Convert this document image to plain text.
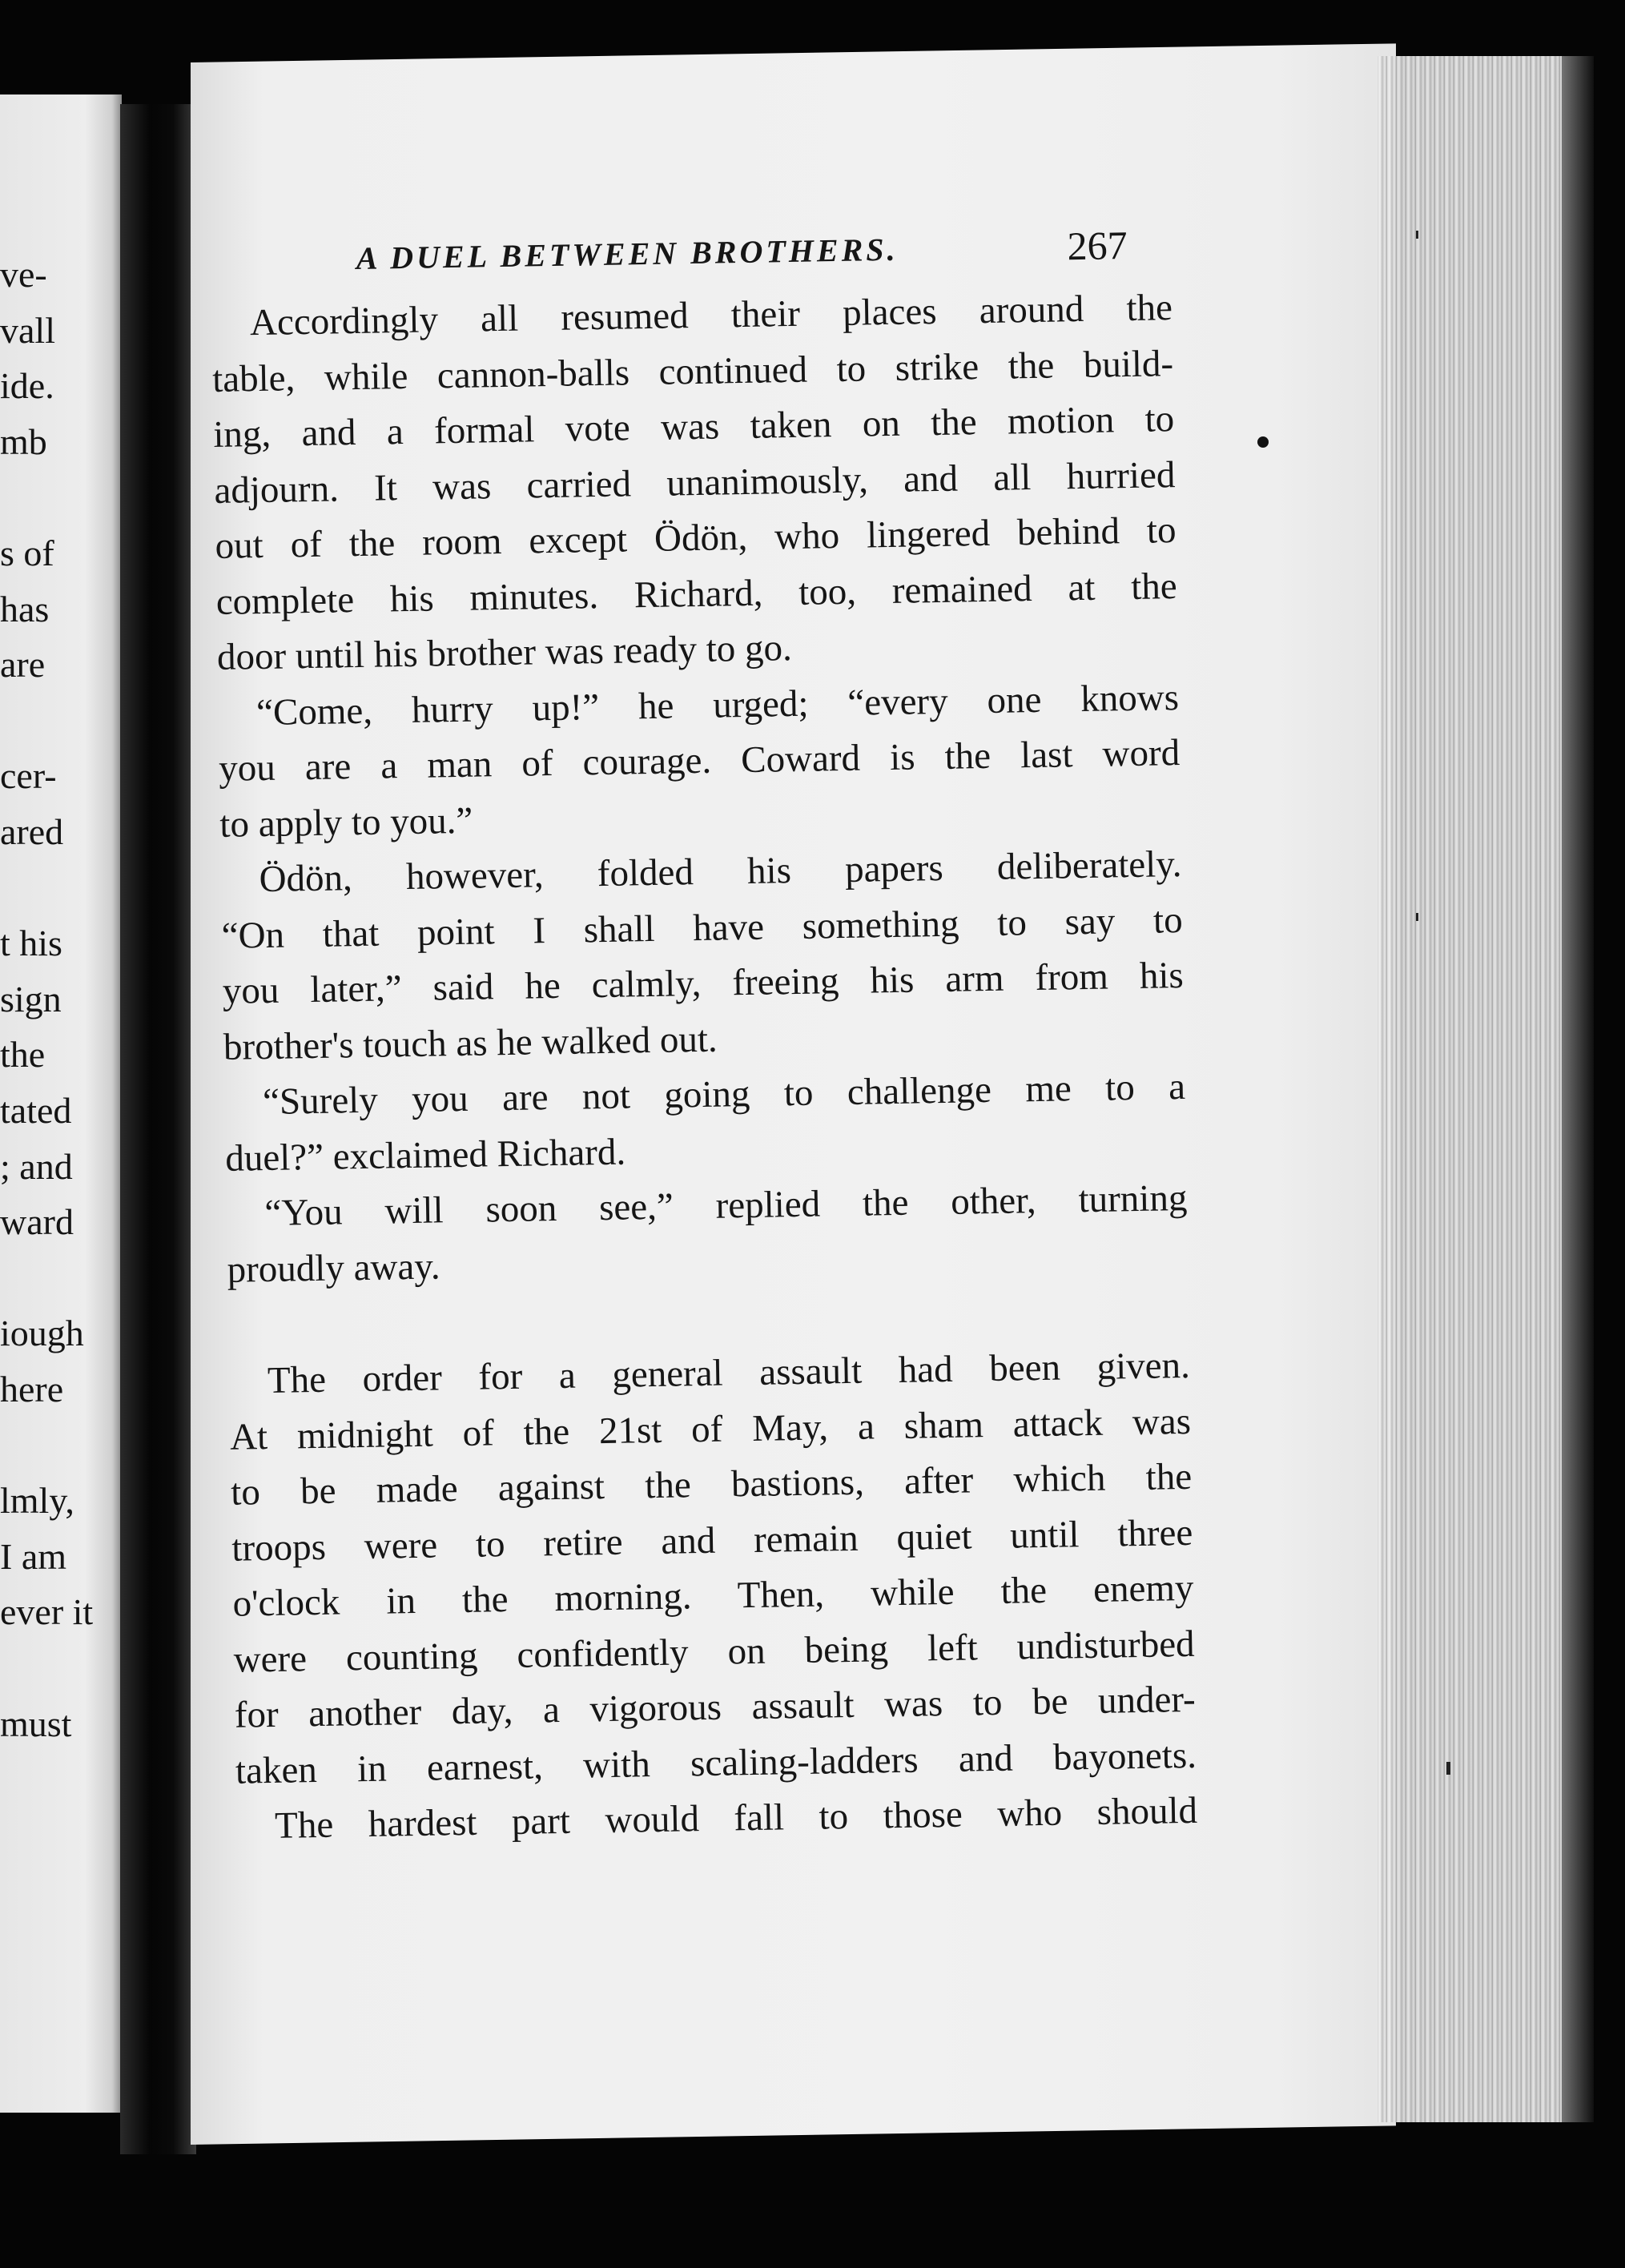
ve-
vall
ide.
mb
s of
has
are
cer-
ared
t his
sign
the
tated
; and
ward
iough
here
lmly,
I am
ever it
must
A DUEL BETWEEN BROTHERS.	267
Accordingly all resumed their places around the
table, while cannon-balls continued to strike the build-
ing, and a formal vote was taken on the motion to
adjourn. It was carried unanimously, and all hurried
out of the room except Ödön, who lingered behind to
complete his minutes. Richard, too, remained at the
door until his brother was ready to go.
“Come, hurry up!” he urged; “every one knows
you are a man of courage. Coward is the last word
to apply to you.”
Ödön, however, folded his papers deliberately.
“On that point I shall have something to say to
you later,” said he calmly, freeing his arm from his
brother's touch as he walked out.
“Surely you are not going to challenge me to a
duel?” exclaimed Richard.
“You will soon see,” replied the other, turning
proudly away.
The order for a general assault had been given.
At midnight of the 21st of May, a sham attack was
to be made against the bastions, after which the
troops were to retire and remain quiet until three
o'clock in the morning. Then, while the enemy
were counting confidently on being left undisturbed
for another day, a vigorous assault was to be under-
taken in earnest, with scaling-ladders and bayonets.
The hardest part would fall to those who should
